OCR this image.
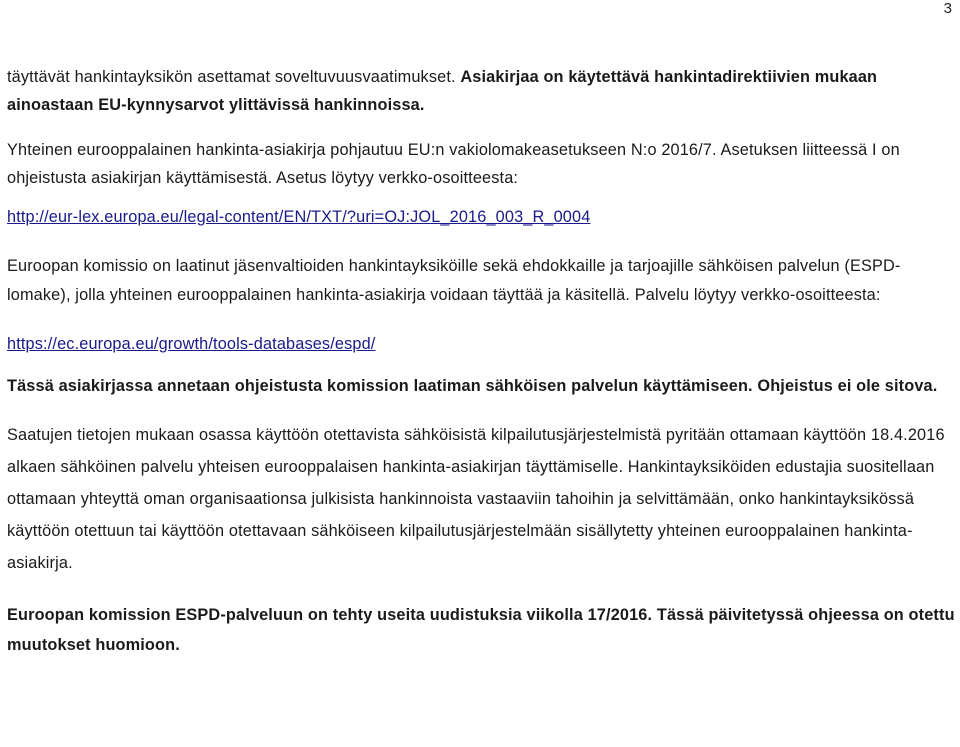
3

täyttävät hankintayksikön asettamat soveltuvuusvaatimukset. Asiakirjaa on käytettävä hankintadirektiivien mukaan ainoastaan EU-kynnysarvot ylittävissä hankinnoissa.

Yhteinen eurooppalainen hankinta-asiakirja pohjautuu EU:n vakiolomakeasetukseen N:o 2016/7. Asetuksen liitteessä I on ohjeistusta asiakirjan käyttämisestä. Asetus löytyy verkko-osoitteesta:

http://eur-lex.europa.eu/legal-content/EN/TXT/?uri=OJ:JOL_2016_003_R_0004

Euroopan komissio on laatinut jäsenvaltioiden hankintayksiköille sekä ehdokkaille ja tarjoajille sähköisen palvelun (ESPD-lomake), jolla yhteinen eurooppalainen hankinta-asiakirja voidaan täyttää ja käsitellä. Palvelu löytyy verkko-osoitteesta:

https://ec.europa.eu/growth/tools-databases/espd/

Tässä asiakirjassa annetaan ohjeistusta komission laatiman sähköisen palvelun käyttämiseen. Ohjeistus ei ole sitova.

Saatujen tietojen mukaan osassa käyttöön otettavista sähköisistä kilpailutusjärjestelmistä pyritään ottamaan käyttöön 18.4.2016 alkaen sähköinen palvelu yhteisen eurooppalaisen hankinta-asiakirjan täyttämiselle. Hankintayksiköiden edustajia suositellaan ottamaan yhteyttä oman organisaationsa julkisista hankinnoista vastaaviin tahoihin ja selvittämään, onko hankintayksikössä käyttöön otettuun tai käyttöön otettavaan sähköiseen kilpailutusjärjestelmään sisällytetty yhteinen eurooppalainen hankinta-asiakirja.

Euroopan komission ESPD-palveluun on tehty useita uudistuksia viikolla 17/2016. Tässä päivitetyssä ohjeessa on otettu muutokset huomioon.
